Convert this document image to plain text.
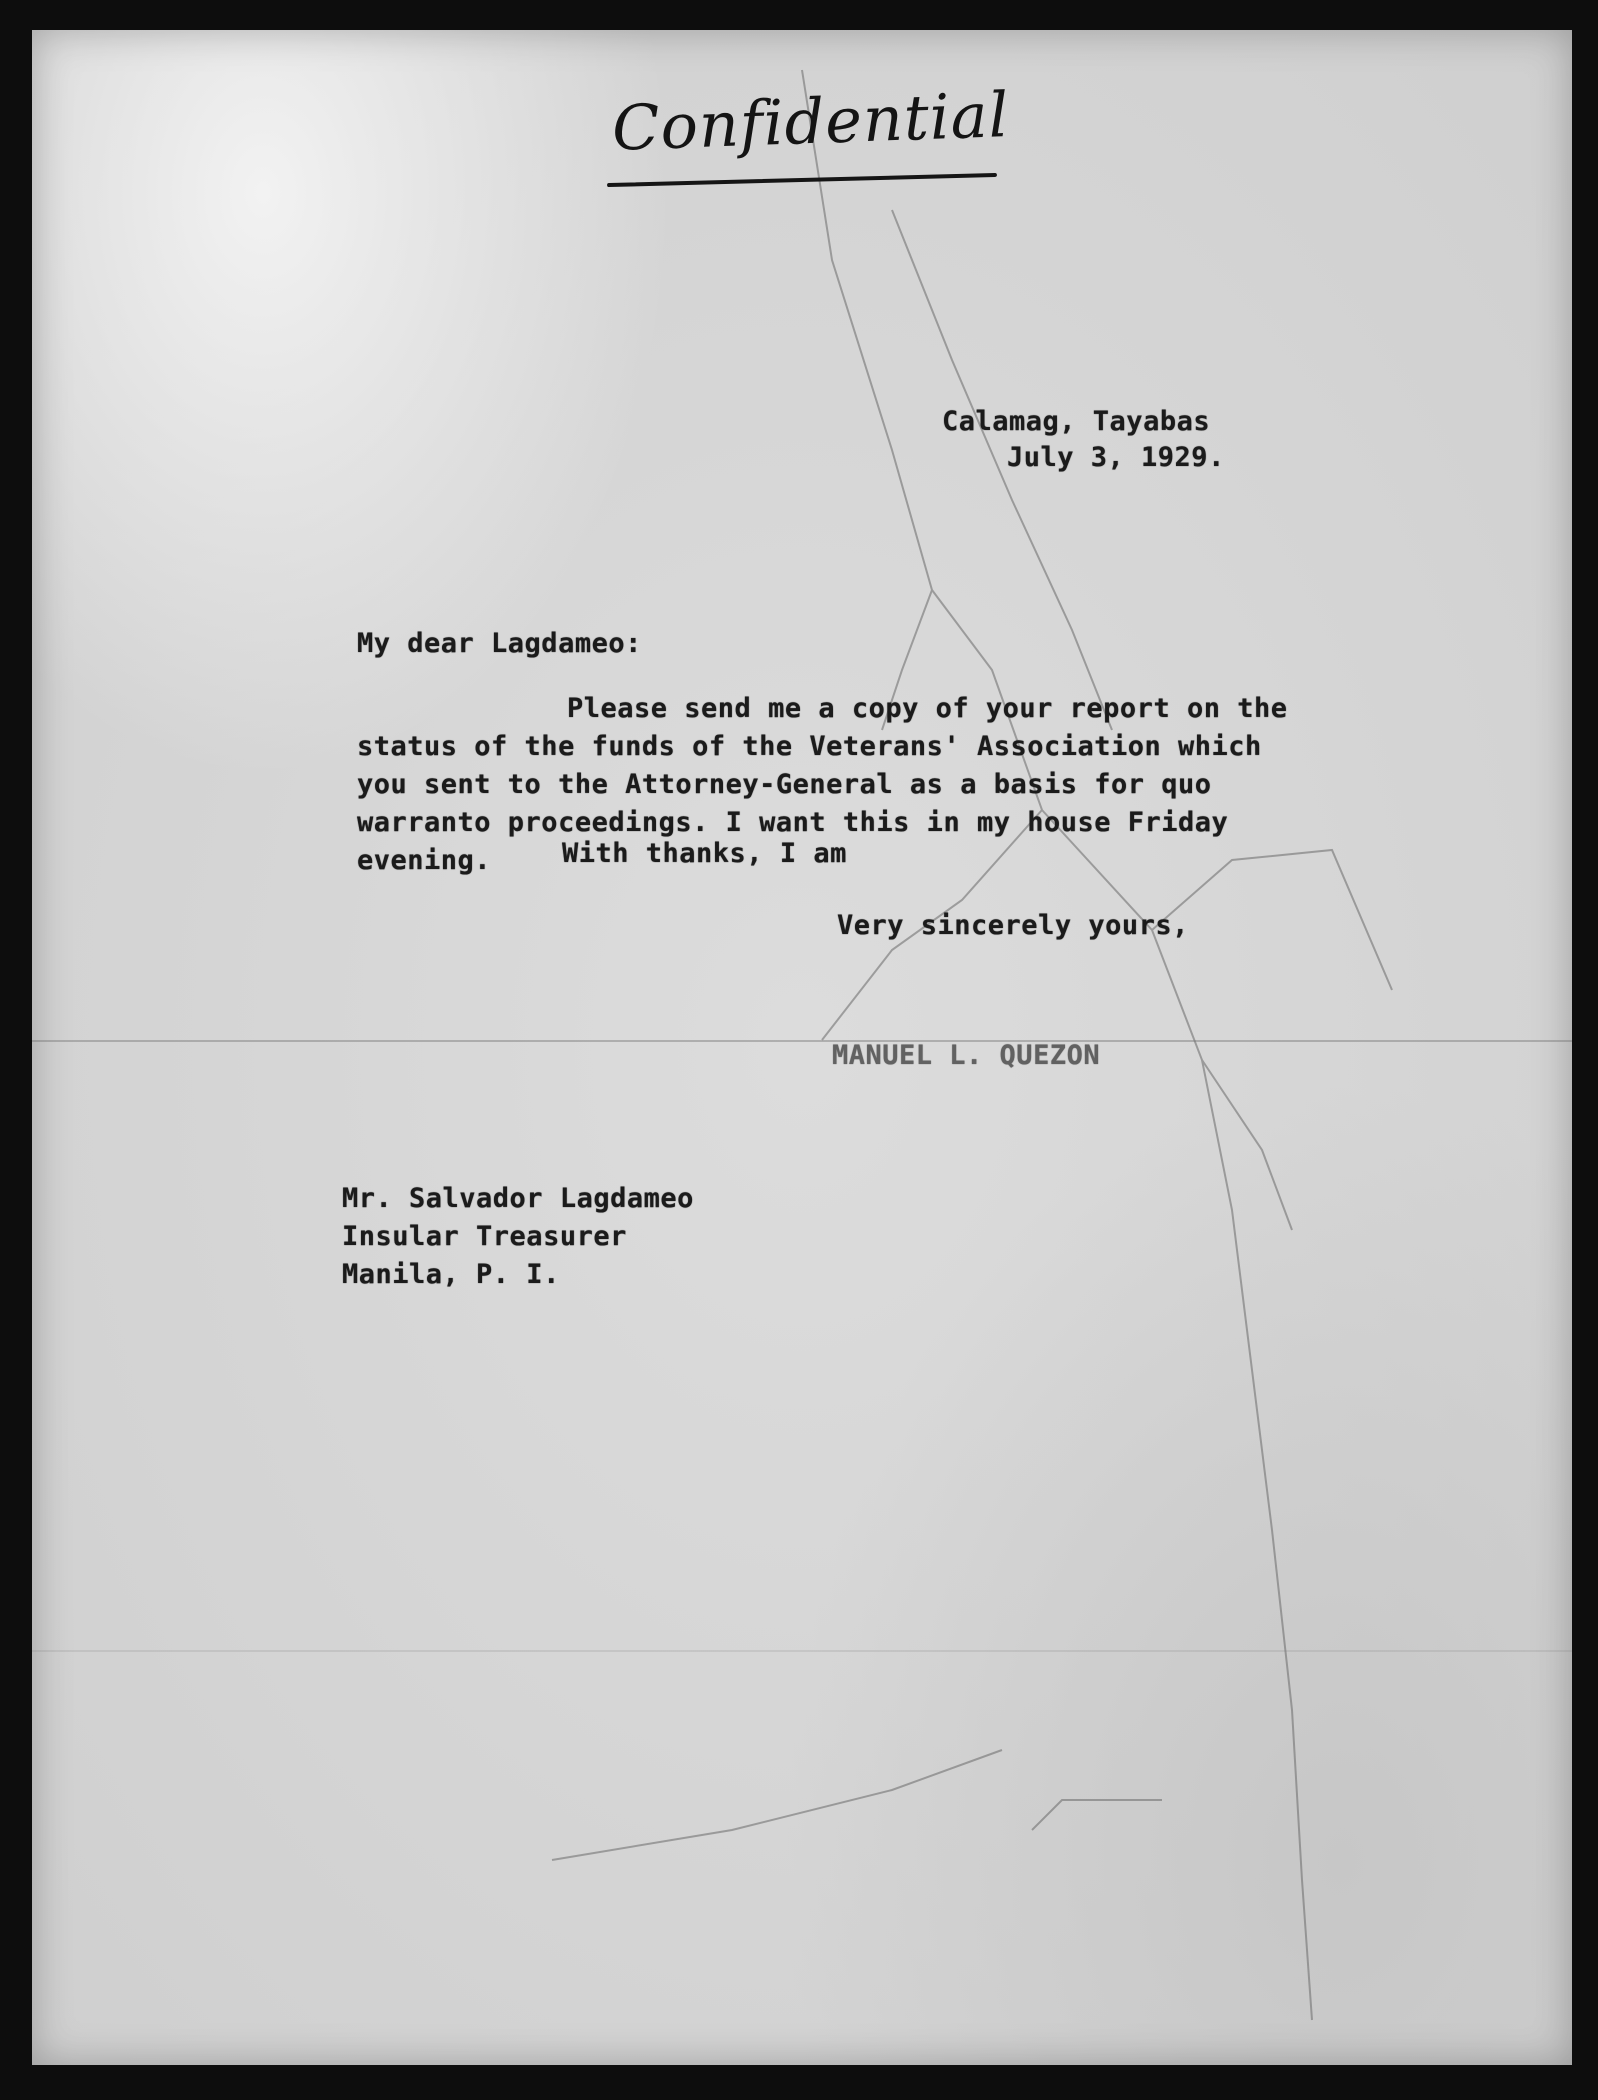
Confidential
Calamag, Tayabas
July 3, 1929.
My dear Lagdameo:
Please send me a copy of your report on the status of the funds of the Veterans' Association which you sent to the Attorney-General as a basis for quo warranto proceedings. I want this in my house Friday evening.	With thanks, I am
Very sincerely yours,
MANUEL L. QUEZON
Mr. Salvador Lagdameo
Insular Treasurer
Manila, P. I.
